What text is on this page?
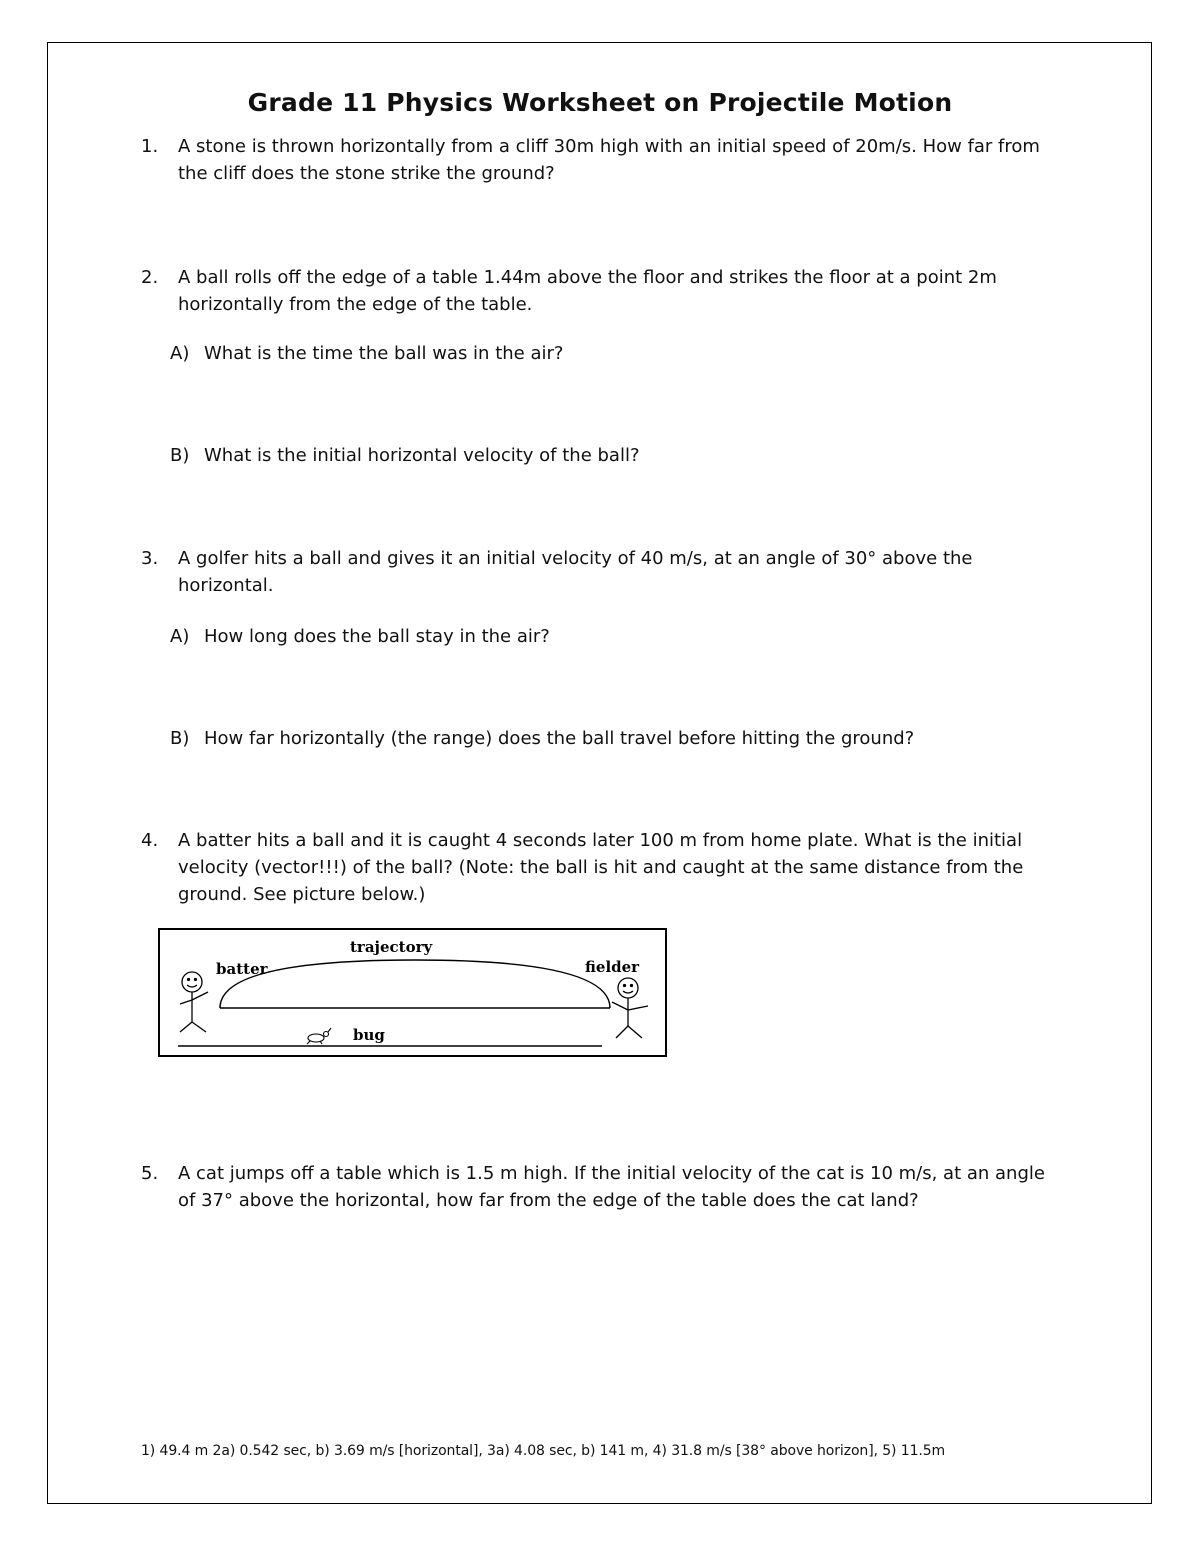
Grade 11 Physics Worksheet on Projectile Motion
1. A stone is thrown horizontally from a cliff 30m high with an initial speed of 20m/s. How far from the cliff does the stone strike the ground?
2. A ball rolls off the edge of a table 1.44m above the floor and strikes the floor at a point 2m horizontally from the edge of the table.
A) What is the time the ball was in the air?
B) What is the initial horizontal velocity of the ball?
3. A golfer hits a ball and gives it an initial velocity of 40 m/s, at an angle of 30° above the horizontal.
A) How long does the ball stay in the air?
B) How far horizontally (the range) does the ball travel before hitting the ground?
4. A batter hits a ball and it is caught 4 seconds later 100 m from home plate. What is the initial velocity (vector!!!) of the ball? (Note: the ball is hit and caught at the same distance from the ground. See picture below.)
trajectory
batter	fielder
bug
5. A cat jumps off a table which is 1.5 m high. If the initial velocity of the cat is 10 m/s, at an angle of 37° above the horizontal, how far from the edge of the table does the cat land?
1) 49.4 m 2a) 0.542 sec, b) 3.69 m/s [horizontal], 3a) 4.08 sec, b) 141 m, 4) 31.8 m/s [38° above horizon], 5) 11.5m
